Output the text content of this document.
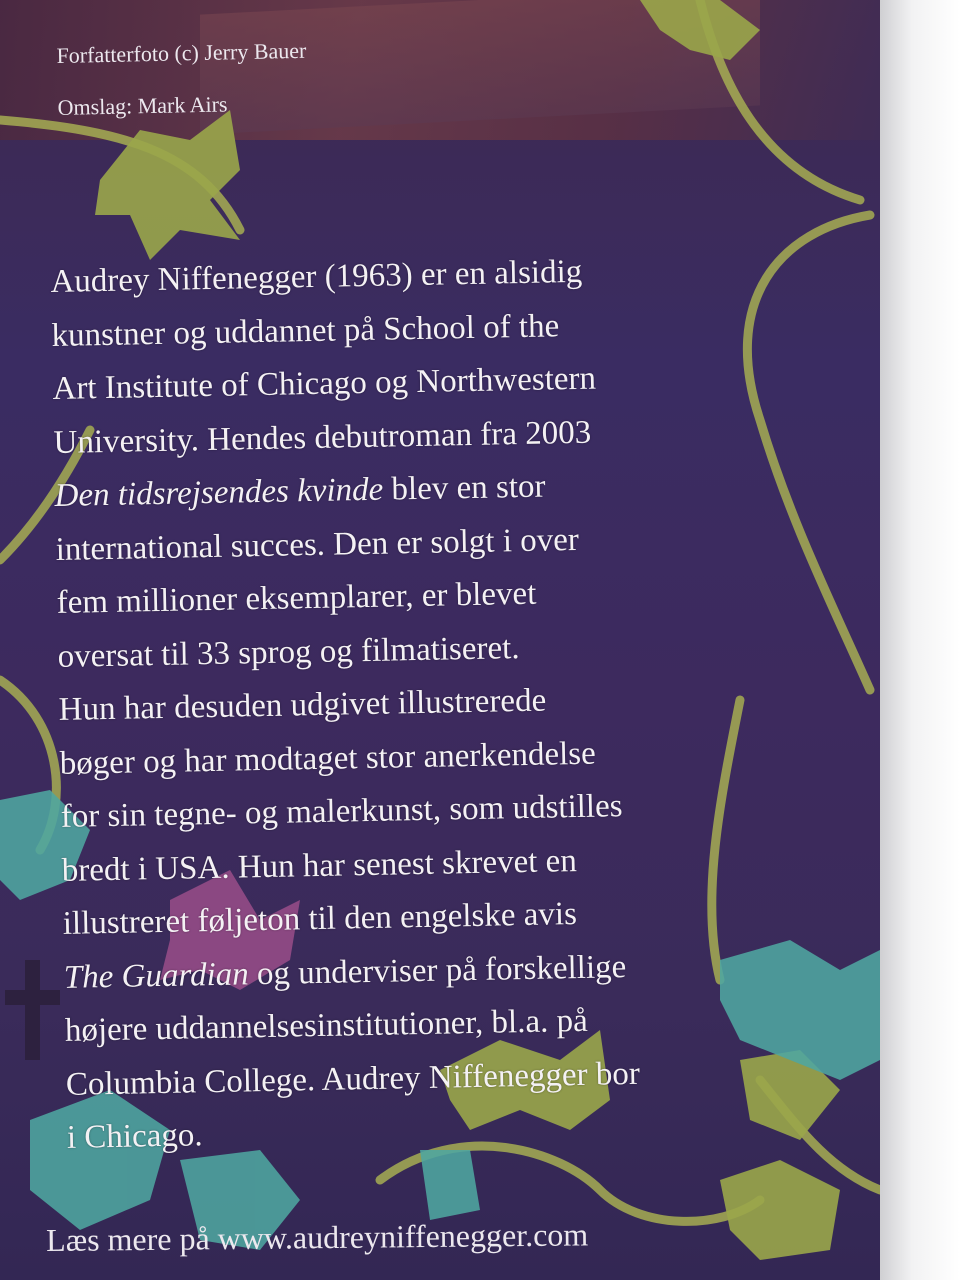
Forfatterfoto (c) Jerry Bauer
Omslag: Mark Airs
Audrey Niffenegger (1963) er en alsidig
kunstner og uddannet på School of the
Art Institute of Chicago og Northwestern
University. Hendes debutroman fra 2003
Den tidsrejsendes kvinde blev en stor
international succes. Den er solgt i over
fem millioner eksemplarer, er blevet
oversat til 33 sprog og filmatiseret.
Hun har desuden udgivet illustrerede
bøger og har modtaget stor anerkendelse
for sin tegne- og malerkunst, som udstilles
bredt i USA. Hun har senest skrevet en
illustreret føljeton til den engelske avis
The Guardian og underviser på forskellige
højere uddannelsesinstitutioner, bl.a. på
Columbia College. Audrey Niffenegger bor
i Chicago.
Læs mere på www.audreyniffenegger.com
